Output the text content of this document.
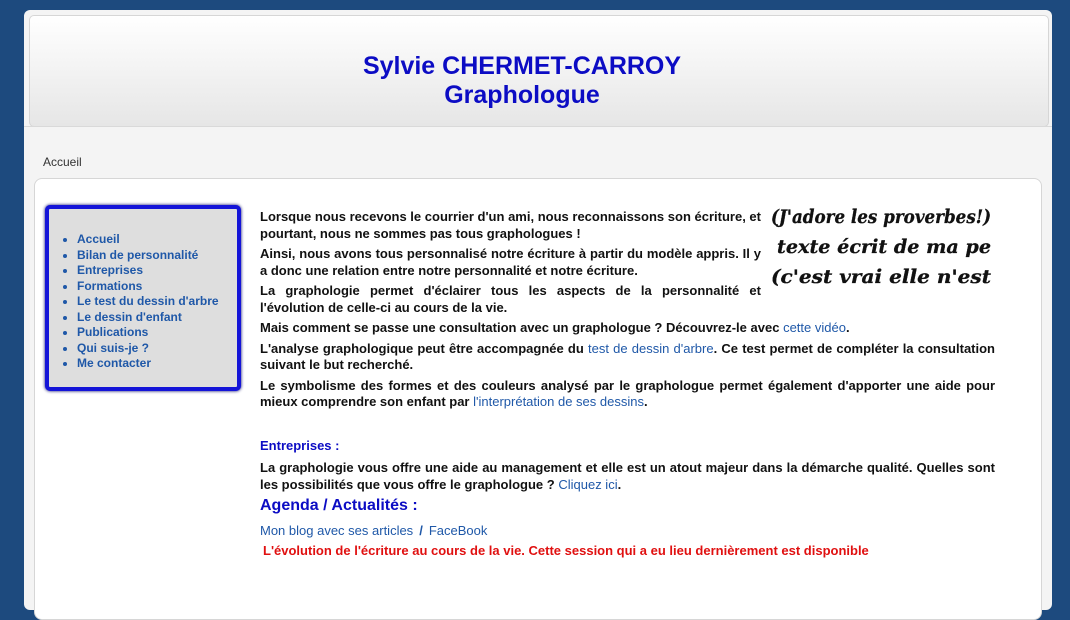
Sylvie CHERMET-CARROY
Graphologue
Accueil
• Accueil
• Bilan de personnalité
• Entreprises
• Formations
• Le test du dessin d'arbre
• Le dessin d'enfant
• Publications
• Qui suis-je ?
• Me contacter
(J'adore les proverbes!)
texte écrit de ma pe
(c'est vrai elle n'est

Lorsque nous recevons le courrier d'un ami, nous reconnaissons son écriture, et pourtant, nous ne sommes pas tous graphologues !

Ainsi, nous avons tous personnalisé notre écriture à partir du modèle appris. Il y a donc une relation entre notre personnalité et notre écriture.

La graphologie permet d'éclairer tous les aspects de la personnalité et l'évolution de celle-ci au cours de la vie.

Mais comment se passe une consultation avec un graphologue ? Découvrez-le avec cette vidéo.

L'analyse graphologique peut être accompagnée du test de dessin d'arbre. Ce test permet de compléter la consultation suivant le but recherché.

Le symbolisme des formes et des couleurs analysé par le graphologue permet également d'apporter une aide pour mieux comprendre son enfant par l'interprétation de ses dessins.

Entreprises :

La graphologie vous offre une aide au management et elle est un atout majeur dans la démarche qualité. Quelles sont les possibilités que vous offre le graphologue ? Cliquez ici.

Agenda / Actualités :
Mon blog avec ses articles / FaceBook
L'évolution de l'écriture au cours de la vie. Cette session qui a eu lieu dernièrement est disponible
